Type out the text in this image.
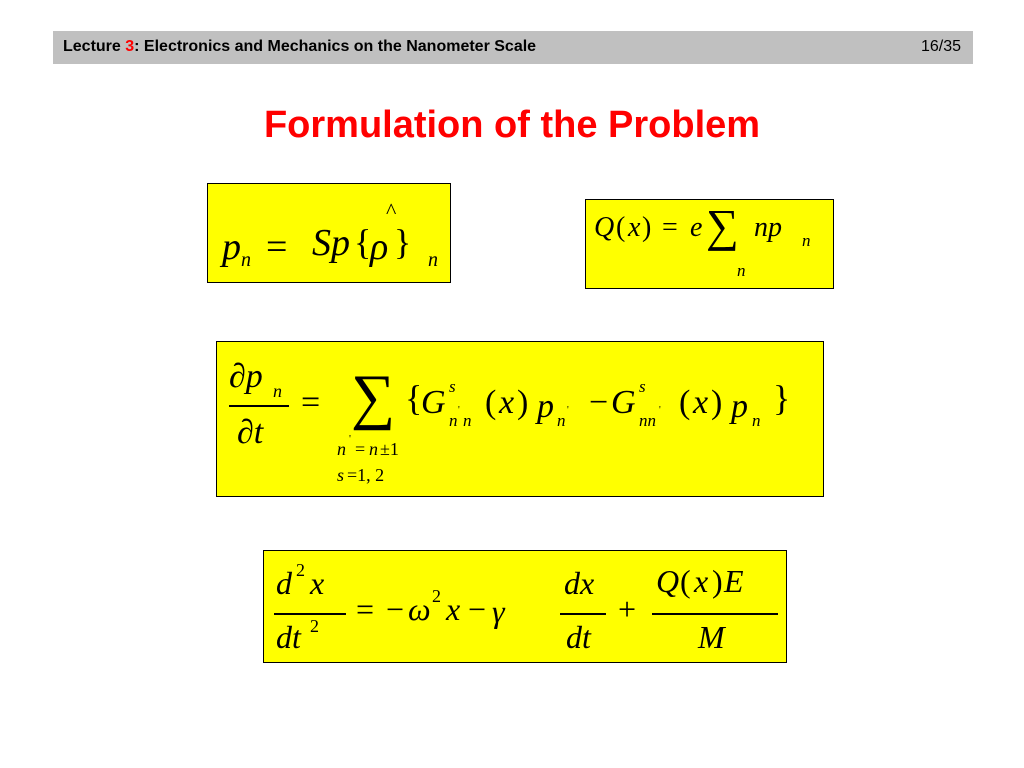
Lecture 3: Electronics and Mechanics on the Nanometer Scale	16/35
Formulation of the Problem
p n = Sp {
^
ρ } n
Q ( x ) = e ∑
n
np n
∂p n
∂t
= ∑
n ' = n ±1
s =1, 2
{
G s
n
'
n ( x ) p n
' − G s
nn
' ( x ) p n
}
d 2 x
dt 2 = − ω 2 x − γ
dx
dt
+
Q ( x ) E
M
